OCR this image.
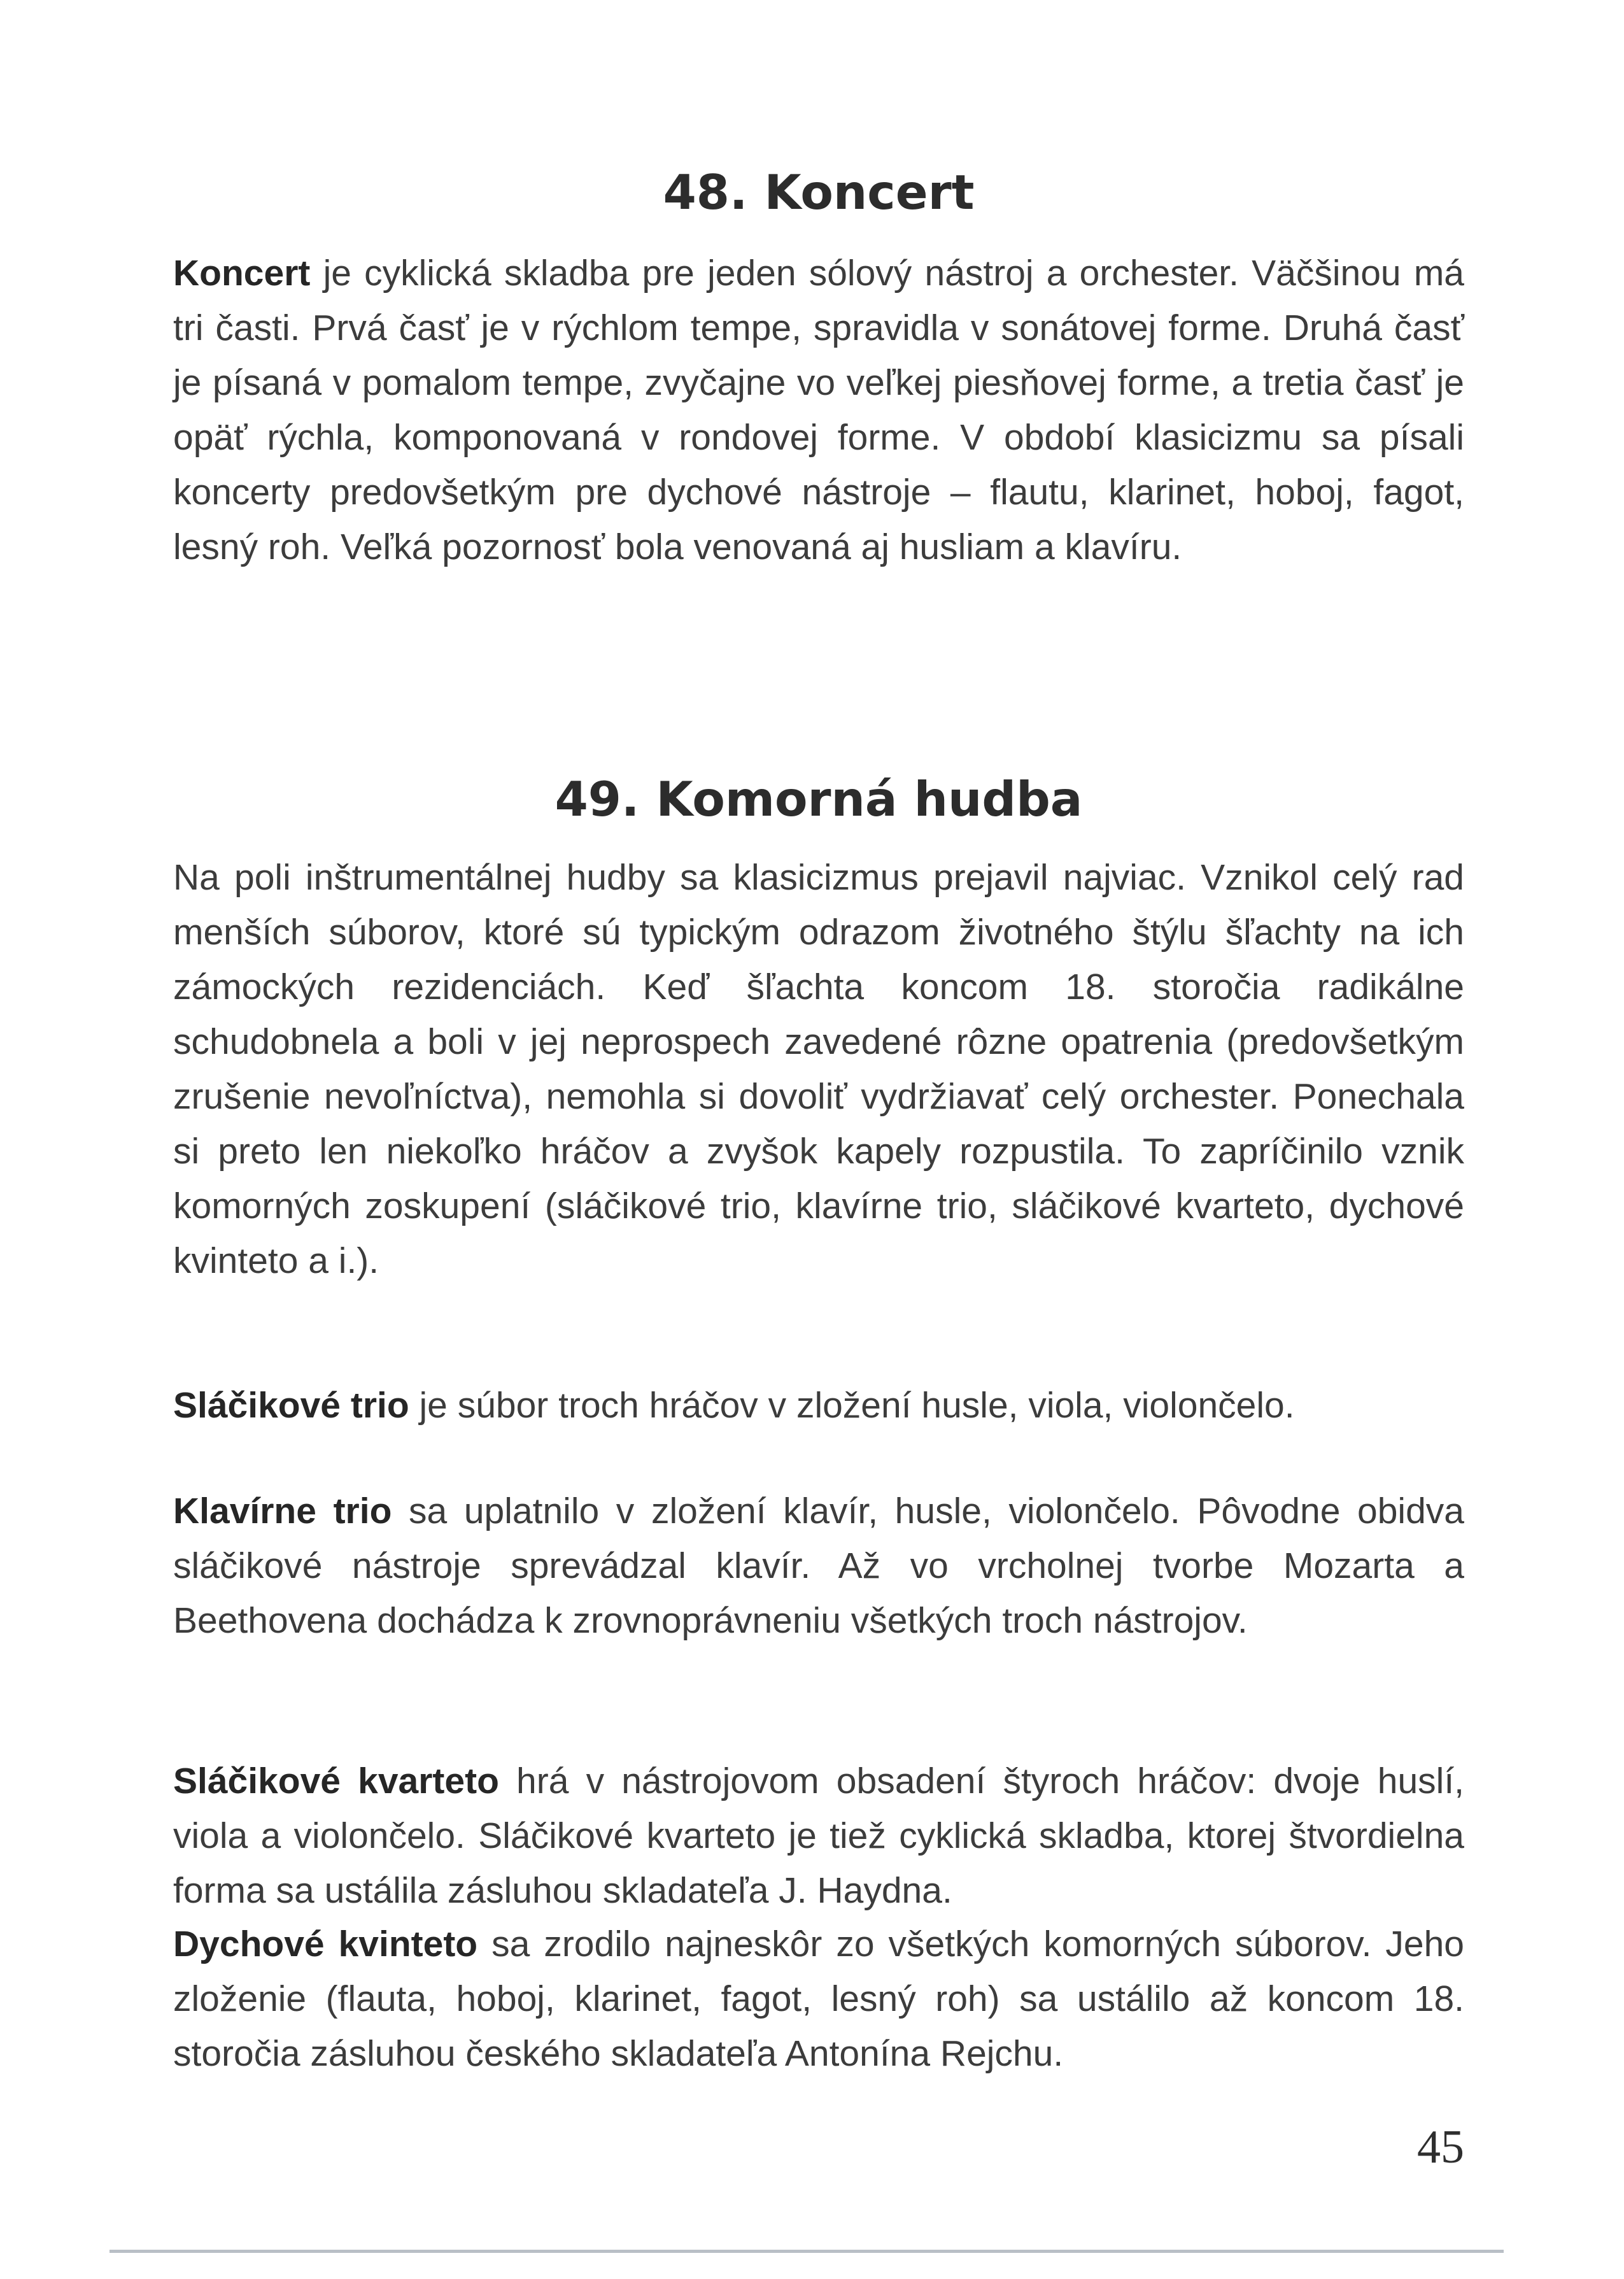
48. Koncert

Koncert je cyklická skladba pre jeden sólový nástroj a orchester. Väčšinou má tri časti. Prvá časť je v rýchlom tempe, spravidla v sonátovej forme. Druhá časť je písaná v pomalom tempe, zvyčajne vo veľkej piesňovej forme, a tretia časť je opäť rýchla, komponovaná v rondovej forme. V období klasicizmu sa písali koncerty predovšetkým pre dychové nástroje – flautu, klarinet, hoboj, fagot, lesný roh. Veľká pozornosť bola venovaná aj husliam a klavíru.

49. Komorná hudba

Na poli inštrumentálnej hudby sa klasicizmus prejavil najviac. Vznikol celý rad menších súborov, ktoré sú typickým odrazom životného štýlu šľachty na ich zámockých rezidenciách. Keď šľachta koncom 18. storočia radikálne schudobnela a boli v jej neprospech zavedené rôzne opatrenia (predovšetkým zrušenie nevoľníctva), nemohla si dovoliť vydržiavať celý orchester. Ponechala si preto len niekoľko hráčov a zvyšok kapely rozpustila. To zapríčinilo vznik komorných zoskupení (sláčikové trio, klavírne trio, sláčikové kvarteto, dychové kvinteto a i.).

Sláčikové trio je súbor troch hráčov v zložení husle, viola, violončelo.

Klavírne trio sa uplatnilo v zložení klavír, husle, violončelo. Pôvodne obidva sláčikové nástroje sprevádzal klavír. Až vo vrcholnej tvorbe Mozarta a Beethovena dochádza k zrovnoprávneniu všetkých troch nástrojov.

Sláčikové kvarteto hrá v nástrojovom obsadení štyroch hráčov: dvoje huslí, viola a violončelo. Sláčikové kvarteto je tiež cyklická skladba, ktorej štvordielna forma sa ustálila zásluhou skladateľa J. Haydna.

Dychové kvinteto sa zrodilo najneskôr zo všetkých komorných súborov. Jeho zloženie (flauta, hoboj, klarinet, fagot, lesný roh) sa ustálilo až koncom 18. storočia zásluhou českého skladateľa Antonína Rejchu.

45
